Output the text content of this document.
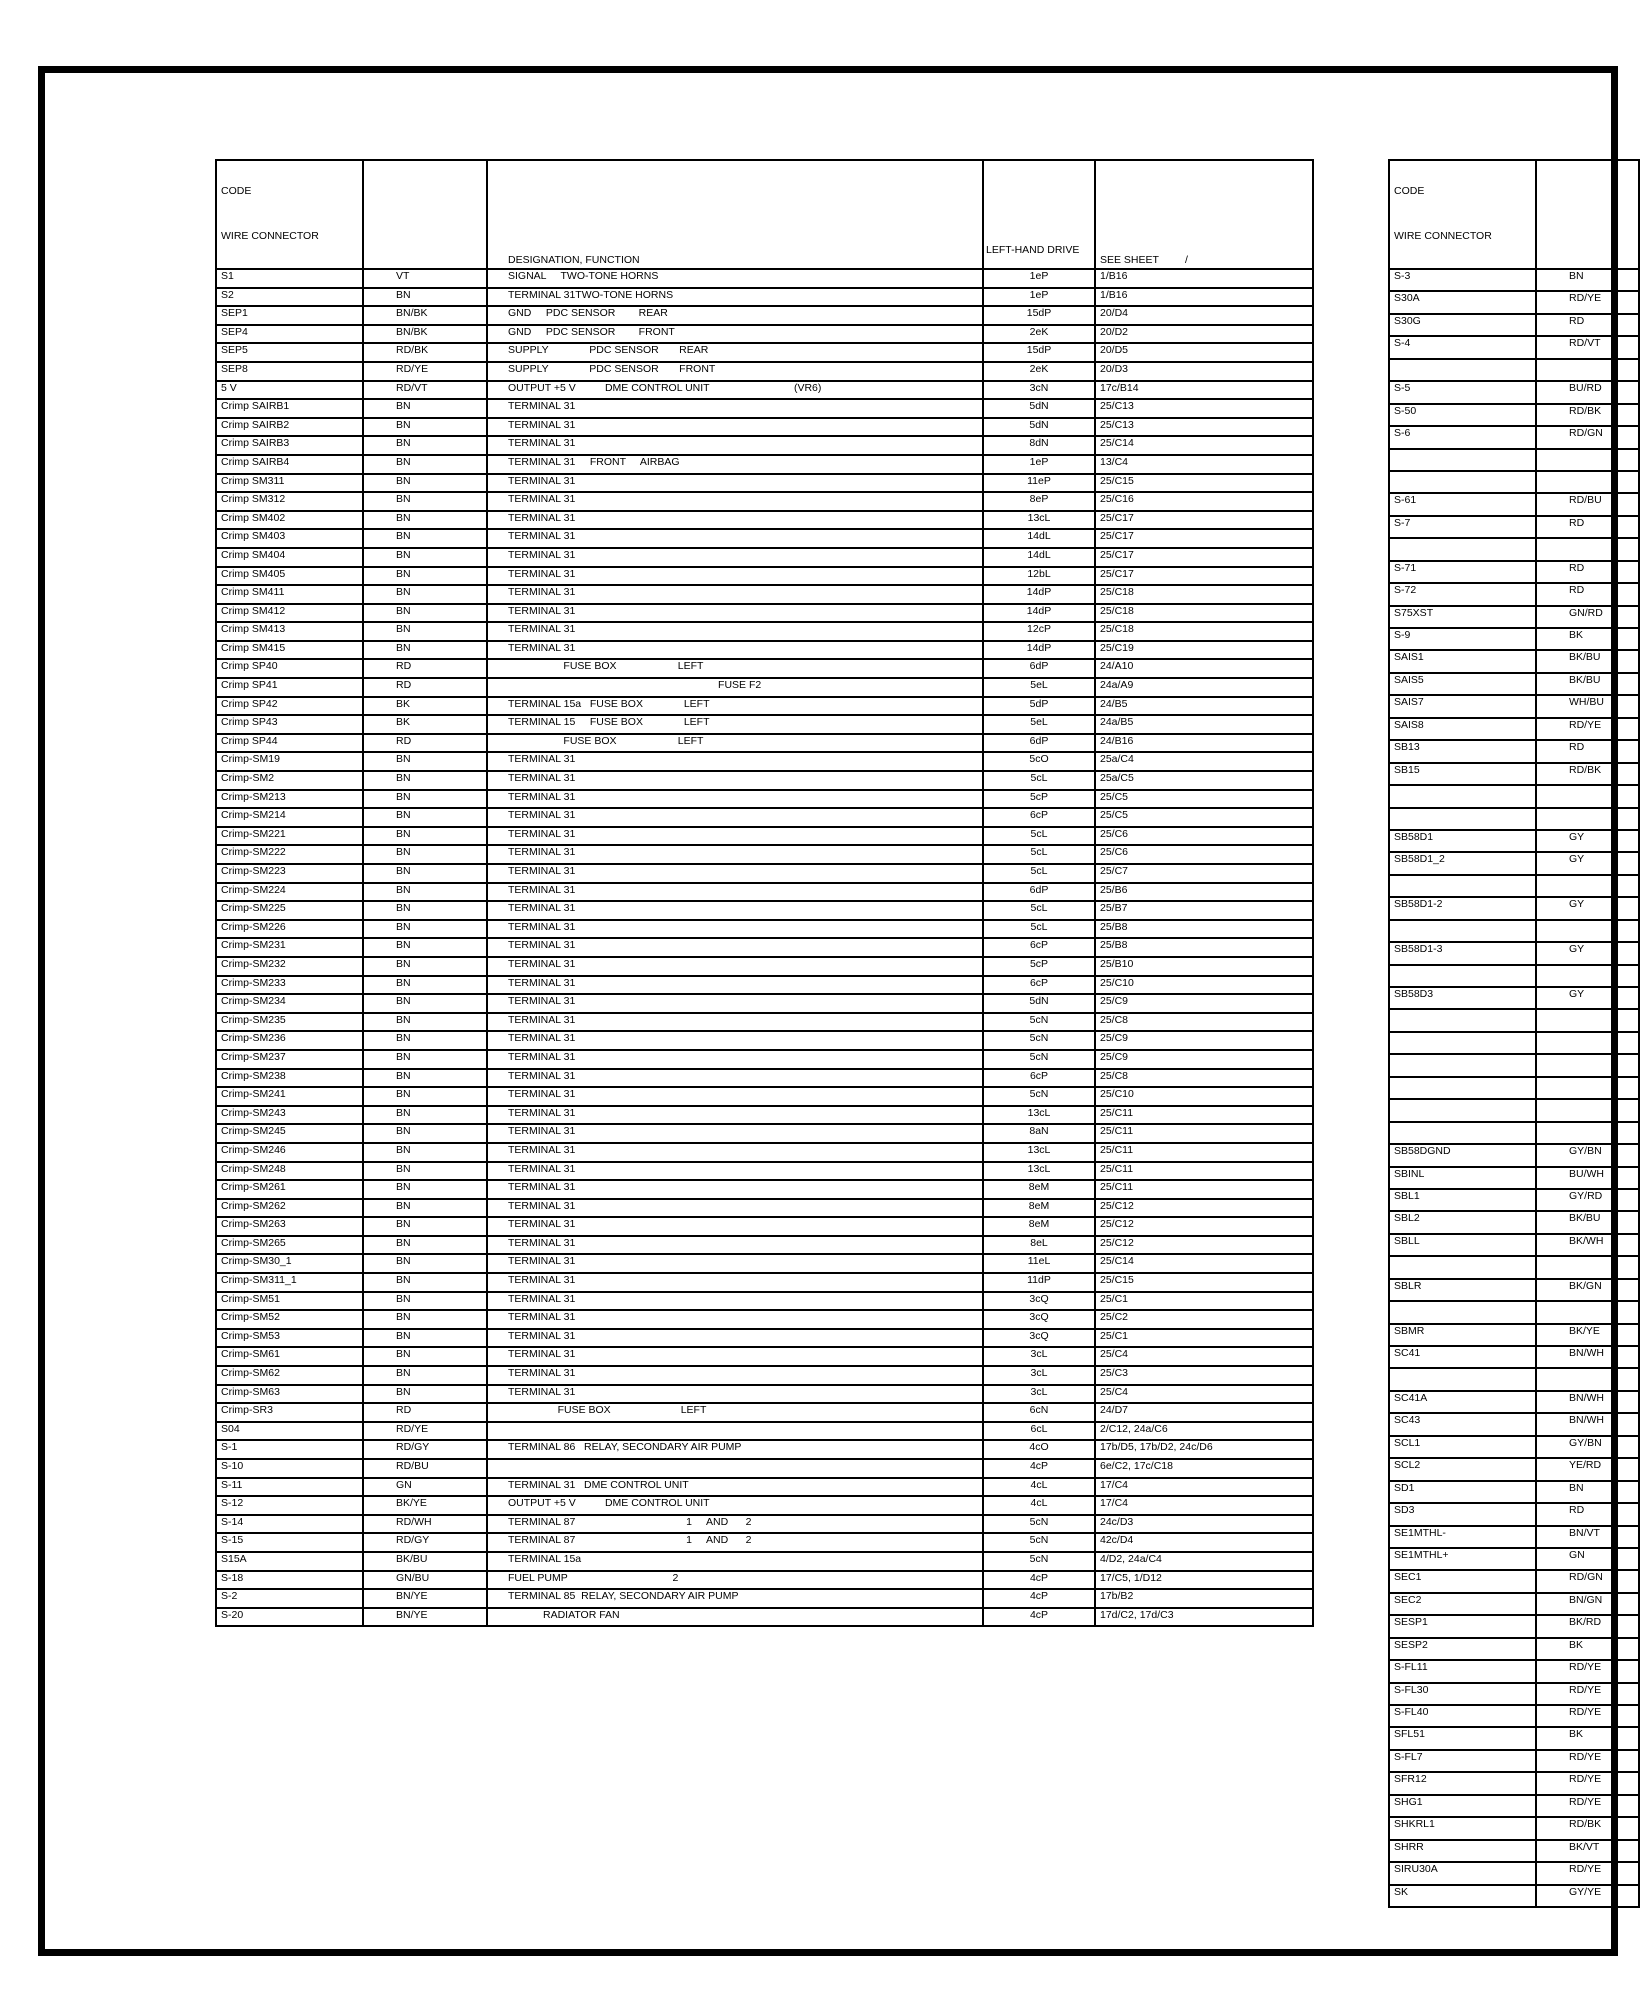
CODE

WIRE CONNECTOR		DESIGNATION, FUNCTION	LEFT-HAND DRIVE	SEE SHEET         /
S1	VT	SIGNAL     TWO-TONE HORNS	1eP	1/B16
S2	BN	TERMINAL 31TWO-TONE HORNS	1eP	1/B16
SEP1	BN/BK	GND     PDC SENSOR        REAR	15dP	20/D4
SEP4	BN/BK	GND     PDC SENSOR        FRONT	2eK	20/D2
SEP5	RD/BK	SUPPLY              PDC SENSOR       REAR	15dP	20/D5
SEP8	RD/YE	SUPPLY              PDC SENSOR       FRONT	2eK	20/D3
5 V	RD/VT	OUTPUT +5 V          DME CONTROL UNIT                             (VR6)	3cN	17c/B14
Crimp SAIRB1	BN	TERMINAL 31	5dN	25/C13
Crimp SAIRB2	BN	TERMINAL 31	5dN	25/C13
Crimp SAIRB3	BN	TERMINAL 31	8dN	25/C14
Crimp SAIRB4	BN	TERMINAL 31     FRONT     AIRBAG	1eP	13/C4
Crimp SM311	BN	TERMINAL 31	11eP	25/C15
Crimp SM312	BN	TERMINAL 31	8eP	25/C16
Crimp SM402	BN	TERMINAL 31	13cL	25/C17
Crimp SM403	BN	TERMINAL 31	14dL	25/C17
Crimp SM404	BN	TERMINAL 31	14dL	25/C17
Crimp SM405	BN	TERMINAL 31	12bL	25/C17
Crimp SM411	BN	TERMINAL 31	14dP	25/C18
Crimp SM412	BN	TERMINAL 31	14dP	25/C18
Crimp SM413	BN	TERMINAL 31	12cP	25/C18
Crimp SM415	BN	TERMINAL 31	14dP	25/C19
Crimp SP40	RD	FUSE BOX                     LEFT	6dP	24/A10
Crimp SP41	RD	FUSE F2	5eL	24a/A9
Crimp SP42	BK	TERMINAL 15a   FUSE BOX              LEFT	5dP	24/B5
Crimp SP43	BK	TERMINAL 15     FUSE BOX              LEFT	5eL	24a/B5
Crimp SP44	RD	FUSE BOX                     LEFT	6dP	24/B16
Crimp-SM19	BN	TERMINAL 31	5cO	25a/C4
Crimp-SM2	BN	TERMINAL 31	5cL	25a/C5
Crimp-SM213	BN	TERMINAL 31	5cP	25/C5
Crimp-SM214	BN	TERMINAL 31	6cP	25/C5
Crimp-SM221	BN	TERMINAL 31	5cL	25/C6
Crimp-SM222	BN	TERMINAL 31	5cL	25/C6
Crimp-SM223	BN	TERMINAL 31	5cL	25/C7
Crimp-SM224	BN	TERMINAL 31	6dP	25/B6
Crimp-SM225	BN	TERMINAL 31	5cL	25/B7
Crimp-SM226	BN	TERMINAL 31	5cL	25/B8
Crimp-SM231	BN	TERMINAL 31	6cP	25/B8
Crimp-SM232	BN	TERMINAL 31	5cP	25/B10
Crimp-SM233	BN	TERMINAL 31	6cP	25/C10
Crimp-SM234	BN	TERMINAL 31	5dN	25/C9
Crimp-SM235	BN	TERMINAL 31	5cN	25/C8
Crimp-SM236	BN	TERMINAL 31	5cN	25/C9
Crimp-SM237	BN	TERMINAL 31	5cN	25/C9
Crimp-SM238	BN	TERMINAL 31	6cP	25/C8
Crimp-SM241	BN	TERMINAL 31	5cN	25/C10
Crimp-SM243	BN	TERMINAL 31	13cL	25/C11
Crimp-SM245	BN	TERMINAL 31	8aN	25/C11
Crimp-SM246	BN	TERMINAL 31	13cL	25/C11
Crimp-SM248	BN	TERMINAL 31	13cL	25/C11
Crimp-SM261	BN	TERMINAL 31	8eM	25/C11
Crimp-SM262	BN	TERMINAL 31	8eM	25/C12
Crimp-SM263	BN	TERMINAL 31	8eM	25/C12
Crimp-SM265	BN	TERMINAL 31	8eL	25/C12
Crimp-SM30_1	BN	TERMINAL 31	11eL	25/C14
Crimp-SM311_1	BN	TERMINAL 31	11dP	25/C15
Crimp-SM51	BN	TERMINAL 31	3cQ	25/C1
Crimp-SM52	BN	TERMINAL 31	3cQ	25/C2
Crimp-SM53	BN	TERMINAL 31	3cQ	25/C1
Crimp-SM61	BN	TERMINAL 31	3cL	25/C4
Crimp-SM62	BN	TERMINAL 31	3cL	25/C3
Crimp-SM63	BN	TERMINAL 31	3cL	25/C4
Crimp-SR3	RD	FUSE BOX                        LEFT	6cN	24/D7
S04	RD/YE		6cL	2/C12, 24a/C6
S-1	RD/GY	TERMINAL 86   RELAY, SECONDARY AIR PUMP	4cO	17b/D5, 17b/D2, 24c/D6
S-10	RD/BU		4cP	6e/C2, 17c/C18
S-11	GN	TERMINAL 31   DME CONTROL UNIT	4cL	17/C4
S-12	BK/YE	OUTPUT +5 V          DME CONTROL UNIT	4cL	17/C4
S-14	RD/WH	TERMINAL 87                                      1     AND      2	5cN	24c/D3
S-15	RD/GY	TERMINAL 87                                      1     AND      2	5cN	42c/D4
S15A	BK/BU	TERMINAL 15a	5cN	4/D2, 24a/C4
S-18	GN/BU	FUEL PUMP                                    2	4cP	17/C5, 1/D12
S-2	BN/YE	TERMINAL 85  RELAY, SECONDARY AIR PUMP	4cP	17b/B2
S-20	BN/YE	RADIATOR FAN	4cP	17d/C2, 17d/C3

CODE

WIRE CONNECTOR	

S-3	BN
S30A	RD/YE
S30G	RD
S-4	RD/VT

S-5	BU/RD
S-50	RD/BK
S-6	RD/GN

S-61	RD/BU
S-7	RD

S-71	RD
S-72	RD
S75XST	GN/RD
S-9	BK
SAIS1	BK/BU
SAIS5	BK/BU
SAIS7	WH/BU
SAIS8	RD/YE
SB13	RD
SB15	RD/BK

SB58D1	GY
SB58D1_2	GY

SB58D1-2	GY

SB58D1-3	GY

SB58D3	GY

SB58DGND	GY/BN
SBINL	BU/WH
SBL1	GY/RD
SBL2	BK/BU
SBLL	BK/WH

SBLR	BK/GN

SBMR	BK/YE
SC41	BN/WH

SC41A	BN/WH
SC43	BN/WH
SCL1	GY/BN
SCL2	YE/RD
SD1	BN
SD3	RD
SE1MTHL-	BN/VT
SE1MTHL+	GN
SEC1	RD/GN
SEC2	BN/GN
SESP1	BK/RD
SESP2	BK
S-FL11	RD/YE
S-FL30	RD/YE
S-FL40	RD/YE
SFL51	BK
S-FL7	RD/YE
SFR12	RD/YE
SHG1	RD/YE
SHKRL1	RD/BK
SHRR	BK/VT
SIRU30A	RD/YE
SK	GY/YE
